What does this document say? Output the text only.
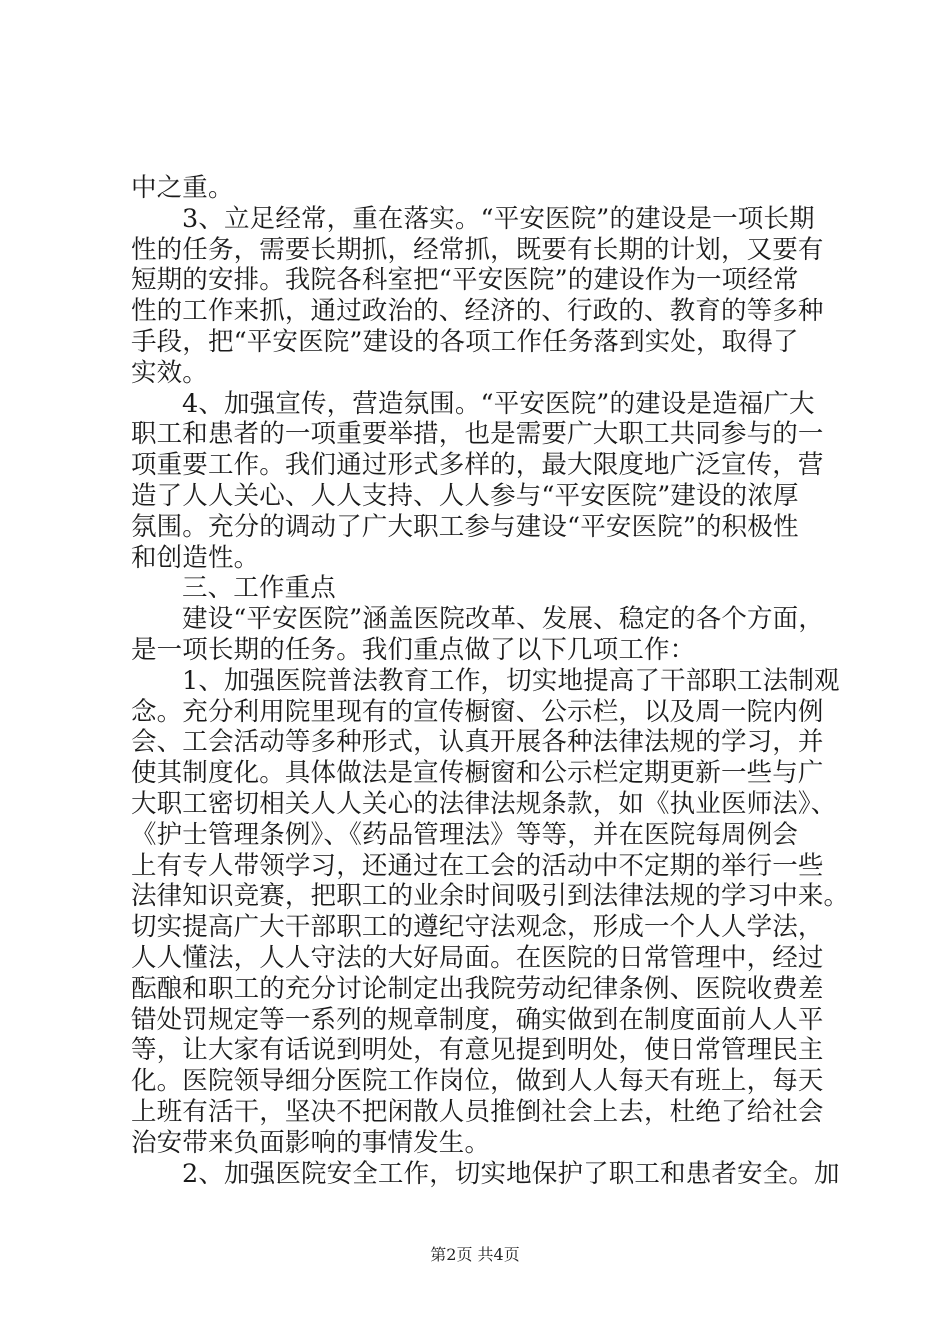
中之重。
3、立足经常，重在落实。“平安医院”的建设是一项长期
性的任务，需要长期抓，经常抓，既要有长期的计划，又要有
短期的安排。我院各科室把“平安医院”的建设作为一项经常
性的工作来抓，通过政治的、经济的、行政的、教育的等多种
手段，把“平安医院”建设的各项工作任务落到实处，取得了
实效。
4、加强宣传，营造氛围。“平安医院”的建设是造福广大
职工和患者的一项重要举措，也是需要广大职工共同参与的一
项重要工作。我们通过形式多样的，最大限度地广泛宣传，营
造了人人关心、人人支持、人人参与“平安医院”建设的浓厚
氛围。充分的调动了广大职工参与建设“平安医院”的积极性
和创造性。
三、工作重点
建设“平安医院”涵盖医院改革、发展、稳定的各个方面，
是一项长期的任务。我们重点做了以下几项工作：
1、加强医院普法教育工作，切实地提高了干部职工法制观
念。充分利用院里现有的宣传橱窗、公示栏，以及周一院内例
会、工会活动等多种形式，认真开展各种法律法规的学习，并
使其制度化。具体做法是宣传橱窗和公示栏定期更新一些与广
大职工密切相关人人关心的法律法规条款，如《执业医师法》、
《护士管理条例》、《药品管理法》等等，并在医院每周例会
上有专人带领学习，还通过在工会的活动中不定期的举行一些
法律知识竞赛，把职工的业余时间吸引到法律法规的学习中来。
切实提高广大干部职工的遵纪守法观念，形成一个人人学法，
人人懂法，人人守法的大好局面。在医院的日常管理中，经过
酝酿和职工的充分讨论制定出我院劳动纪律条例、医院收费差
错处罚规定等一系列的规章制度，确实做到在制度面前人人平
等，让大家有话说到明处，有意见提到明处，使日常管理民主
化。医院领导细分医院工作岗位，做到人人每天有班上，每天
上班有活干，坚决不把闲散人员推倒社会上去，杜绝了给社会
治安带来负面影响的事情发生。
2、加强医院安全工作，切实地保护了职工和患者安全。加
第2页 共4页
